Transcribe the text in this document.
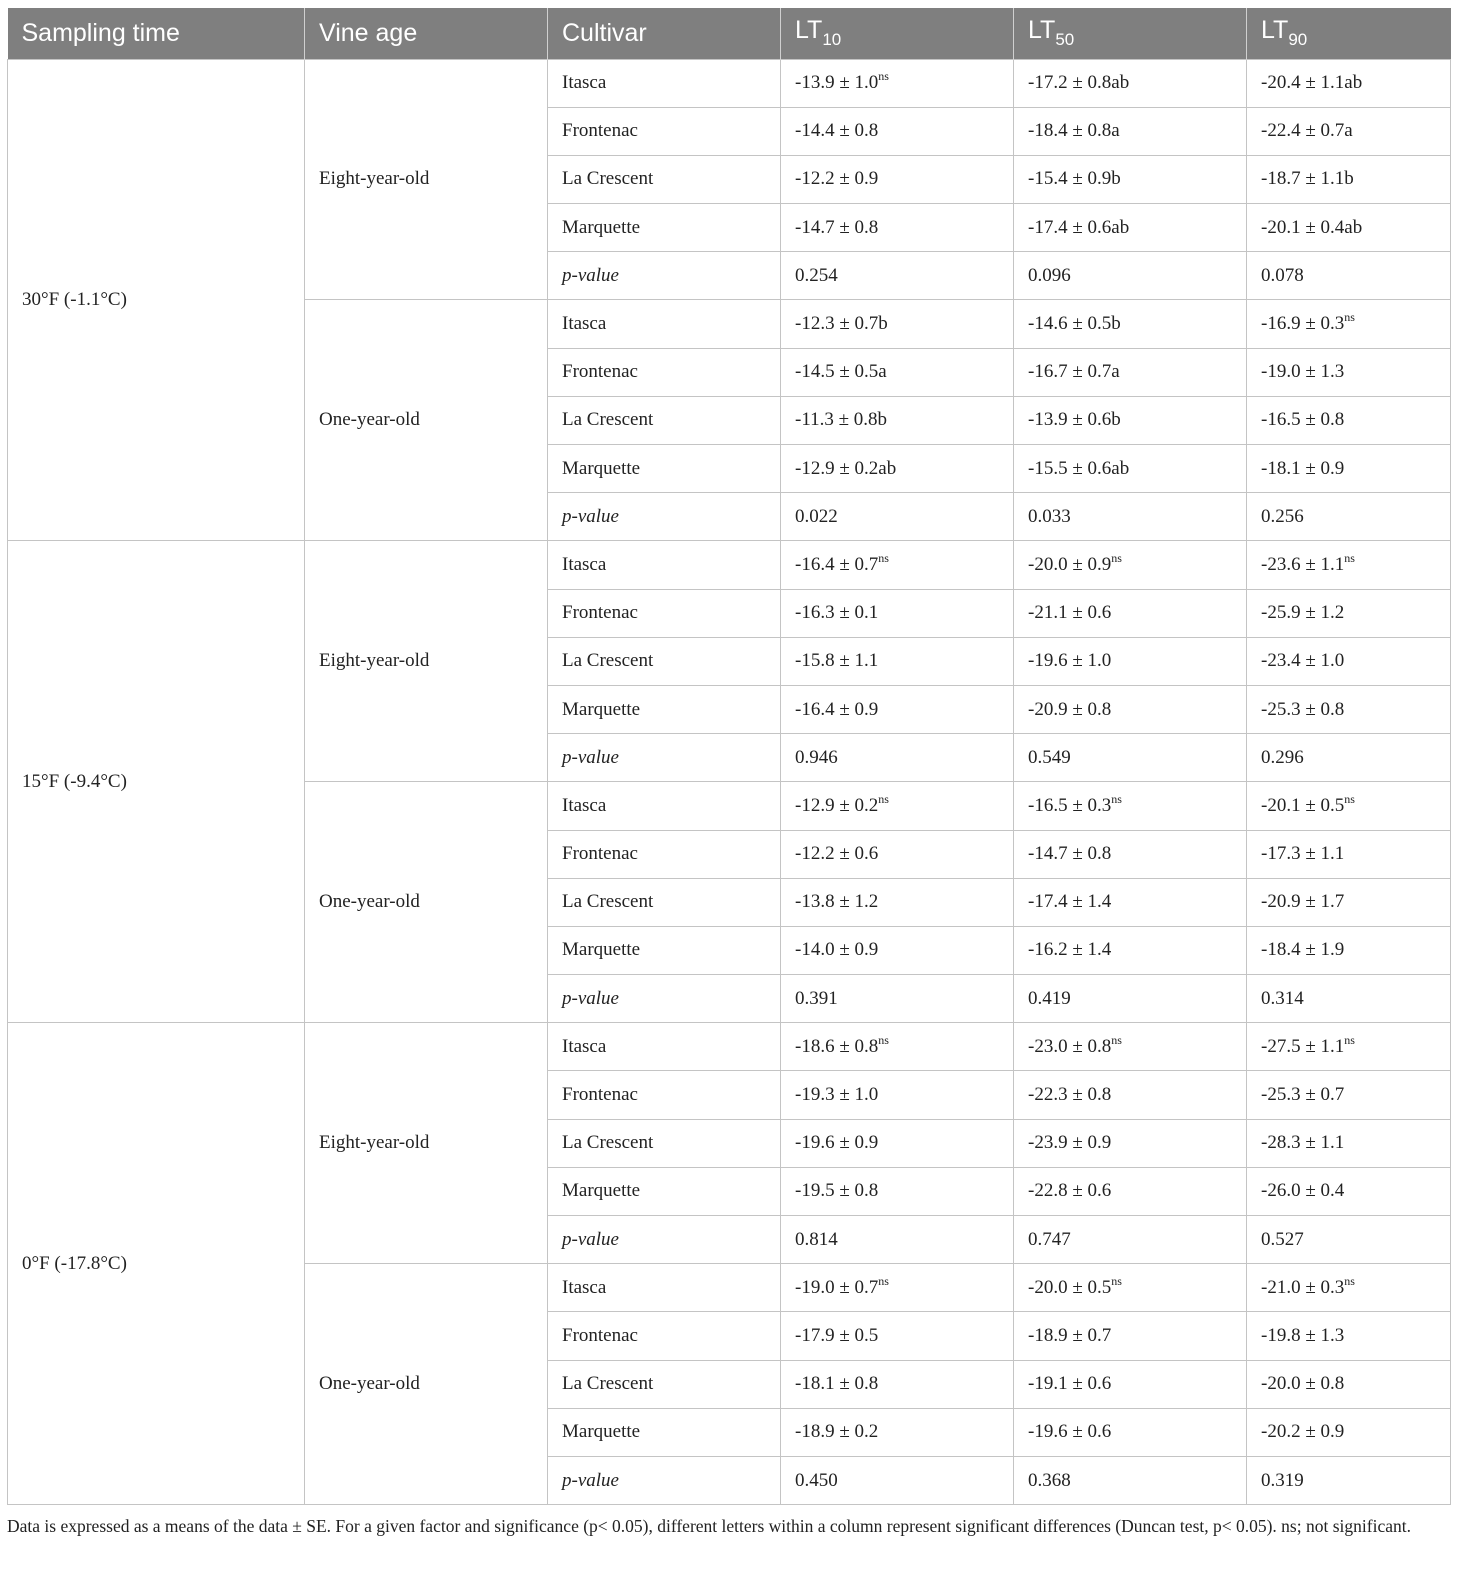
Sampling time	Vine age	Cultivar	$LT_{10}$	$LT_{50}$	$LT_{90}$
30°F (-1.1°C)	Eight-year-old	Itasca	$-13.9 \pm 1.0^{ns}$	-17.2 ± 0.8ab	-20.4 ± 1.1ab
		Frontenac	-14.4 ± 0.8	-18.4 ± 0.8a	-22.4 ± 0.7a
		La Crescent	-12.2 ± 0.9	-15.4 ± 0.9b	-18.7 ± 1.1b
		Marquette	-14.7 ± 0.8	-17.4 ± 0.6ab	-20.1 ± 0.4ab
		p-value	0.254	0.096	0.078
	One-year-old	Itasca	-12.3 ± 0.7b	-14.6 ± 0.5b	$-16.9 \pm 0.3^{ns}$
		Frontenac	-14.5 ± 0.5a	-16.7 ± 0.7a	-19.0 ± 1.3
		La Crescent	-11.3 ± 0.8b	-13.9 ± 0.6b	-16.5 ± 0.8
		Marquette	-12.9 ± 0.2ab	-15.5 ± 0.6ab	-18.1 ± 0.9
		p-value	0.022	0.033	0.256
15°F (-9.4°C)	Eight-year-old	Itasca	$-16.4 \pm 0.7^{ns}$	$-20.0 \pm 0.9^{ns}$	$-23.6 \pm 1.1^{ns}$
		Frontenac	-16.3 ± 0.1	-21.1 ± 0.6	-25.9 ± 1.2
		La Crescent	-15.8 ± 1.1	-19.6 ± 1.0	-23.4 ± 1.0
		Marquette	-16.4 ± 0.9	-20.9 ± 0.8	-25.3 ± 0.8
		p-value	0.946	0.549	0.296
	One-year-old	Itasca	$-12.9 \pm 0.2^{ns}$	$-16.5 \pm 0.3^{ns}$	$-20.1 \pm 0.5^{ns}$
		Frontenac	-12.2 ± 0.6	-14.7 ± 0.8	-17.3 ± 1.1
		La Crescent	-13.8 ± 1.2	-17.4 ± 1.4	-20.9 ± 1.7
		Marquette	-14.0 ± 0.9	-16.2 ± 1.4	-18.4 ± 1.9
		p-value	0.391	0.419	0.314
0°F (-17.8°C)	Eight-year-old	Itasca	$-18.6 \pm 0.8^{ns}$	$-23.0 \pm 0.8^{ns}$	$-27.5 \pm 1.1^{ns}$
		Frontenac	-19.3 ± 1.0	-22.3 ± 0.8	-25.3 ± 0.7
		La Crescent	-19.6 ± 0.9	-23.9 ± 0.9	-28.3 ± 1.1
		Marquette	-19.5 ± 0.8	-22.8 ± 0.6	-26.0 ± 0.4
		p-value	0.814	0.747	0.527
	One-year-old	Itasca	$-19.0 \pm 0.7^{ns}$	$-20.0 \pm 0.5^{ns}$	$-21.0 \pm 0.3^{ns}$
		Frontenac	-17.9 ± 0.5	-18.9 ± 0.7	-19.8 ± 1.3
		La Crescent	-18.1 ± 0.8	-19.1 ± 0.6	-20.0 ± 0.8
		Marquette	-18.9 ± 0.2	-19.6 ± 0.6	-20.2 ± 0.9
		p-value	0.450	0.368	0.319
Data is expressed as a means of the data ± SE. For a given factor and significance (p< 0.05), different letters within a column represent significant differences (Duncan test, p< 0.05). ns; not significant.
